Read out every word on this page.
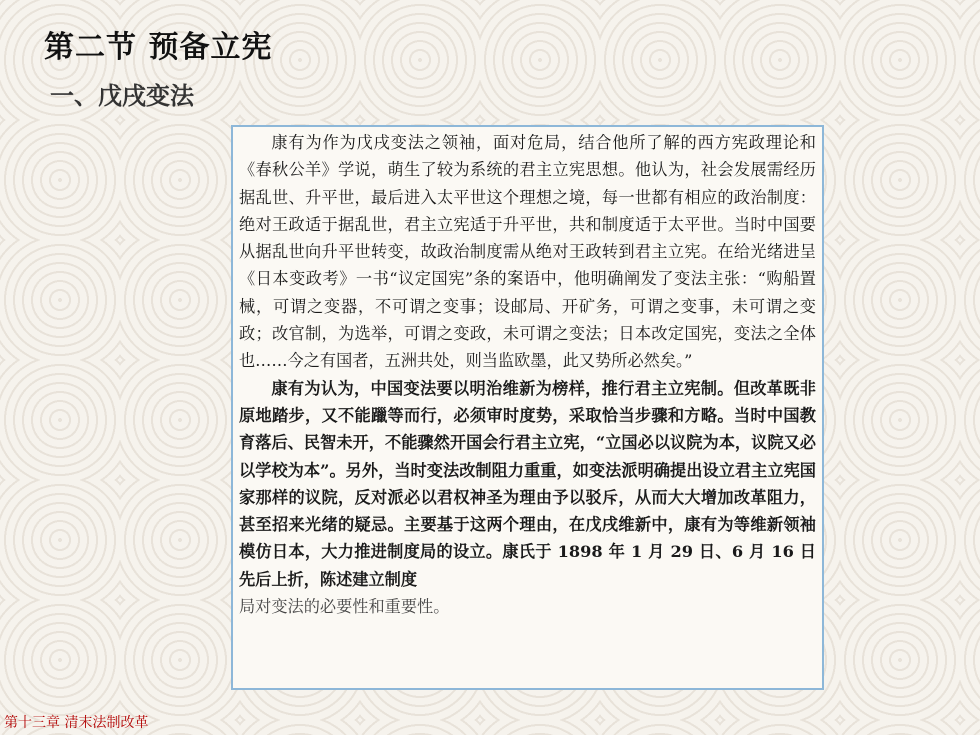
第二节 预备立宪
一、戊戌变法

康有为作为戊戌变法之领袖，面对危局，结合他所了解的西方宪政理论和《春秋公羊》学说，萌生了较为系统的君主立宪思想。他认为，社会发展需经历据乱世、升平世，最后进入太平世这个理想之境，每一世都有相应的政治制度：绝对王政适于据乱世，君主立宪适于升平世，共和制度适于太平世。当时中国要从据乱世向升平世转变，故政治制度需从绝对王政转到君主立宪。在给光绪进呈《日本变政考》一书“议定国宪”条的案语中，他明确阐发了变法主张：“购船置械，可谓之变器，不可谓之变事；设邮局、开矿务，可谓之变事，未可谓之变政；改官制，为选举，可谓之变政，未可谓之变法；日本改定国宪，变法之全体也……今之有国者，五洲共处，则当监欧墨，此又势所必然矣。”

康有为认为，中国变法要以明治维新为榜样，推行君主立宪制。但改革既非原地踏步，又不能躐等而行，必须审时度势，采取恰当步骤和方略。当时中国教育落后、民智未开，不能骤然开国会行君主立宪，“立国必以议院为本，议院又必以学校为本”。另外，当时变法改制阻力重重，如变法派明确提出设立君主立宪国家那样的议院，反对派必以君权神圣为理由予以驳斥，从而大大增加改革阻力，甚至招来光绪的疑忌。主要基于这两个理由，在戊戌维新中，康有为等维新领袖模仿日本，大力推进制度局的设立。康氏于 1898 年 1 月 29 日、6 月 16 日先后上折，陈述建立制度

局对变法的必要性和重要性。

第十三章 清末法制改革
